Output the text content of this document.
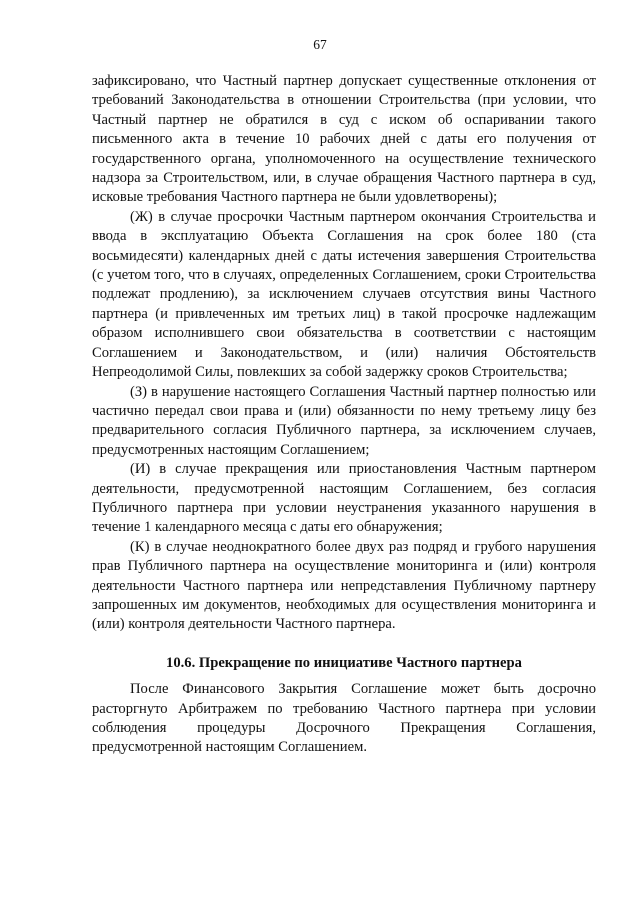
67

зафиксировано, что Частный партнер допускает существенные отклонения от требований Законодательства в отношении Строительства (при условии, что Частный партнер не обратился в суд с иском об оспаривании такого письменного акта в течение 10 рабочих дней с даты его получения от государственного органа, уполномоченного на осуществление технического надзора за Строительством, или, в случае обращения Частного партнера в суд, исковые требования Частного партнера не были удовлетворены);

(Ж) в случае просрочки Частным партнером окончания Строительства и ввода в эксплуатацию Объекта Соглашения на срок более 180 (ста восьмидесяти) календарных дней с даты истечения завершения Строительства (с учетом того, что в случаях, определенных Соглашением, сроки Строительства подлежат продлению), за исключением случаев отсутствия вины Частного партнера (и привлеченных им третьих лиц) в такой просрочке надлежащим образом исполнившего свои обязательства в соответствии с настоящим Соглашением и Законодательством, и (или) наличия Обстоятельств Непреодолимой Силы, повлекших за собой задержку сроков Строительства;

(З) в нарушение настоящего Соглашения Частный партнер полностью или частично передал свои права и (или) обязанности по нему третьему лицу без предварительного согласия Публичного партнера, за исключением случаев, предусмотренных настоящим Соглашением;

(И) в случае прекращения или приостановления Частным партнером деятельности, предусмотренной настоящим Соглашением, без согласия Публичного партнера при условии неустранения указанного нарушения в течение 1 календарного месяца с даты его обнаружения;

(К) в случае неоднократного более двух раз подряд и грубого нарушения прав Публичного партнера на осуществление мониторинга и (или) контроля деятельности Частного партнера или непредставления Публичному партнеру запрошенных им документов, необходимых для осуществления мониторинга и (или) контроля деятельности Частного партнера.

10.6. Прекращение по инициативе Частного партнера

После Финансового Закрытия Соглашение может быть досрочно расторгнуто Арбитражем по требованию Частного партнера при условии соблюдения процедуры Досрочного Прекращения Соглашения, предусмотренной настоящим Соглашением.
